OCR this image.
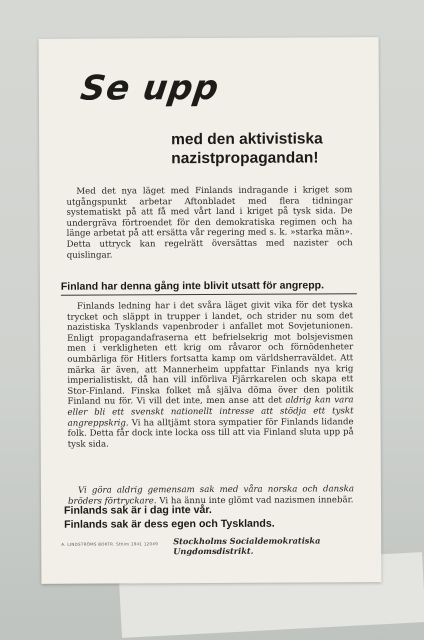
Se upp
med den aktivistiska
nazistpropagandan!

Med det nya läget med Finlands indragande i kriget som utgångspunkt arbetar Aftonbladet med flera tidningar systematiskt på att få med vårt land i kriget på tysk sida. De undergräva förtroendet för den demokratiska regimen och ha länge arbetat på att ersätta vår regering med s. k. »starka män». Detta uttryck kan regelrätt översättas med nazister och quislingar.

Finland har denna gång inte blivit utsatt för angrepp.

Finlands ledning har i det svåra läget givit vika för det tyska trycket och släppt in trupper i landet, och strider nu som det nazistiska Tysklands vapenbroder i anfallet mot Sovjetunionen. Enligt propagandafraserna ett befrielsekrig mot bolsjevismen men i verkligheten ett krig om råvaror och förnödenheter oumbärliga för Hitlers fortsatta kamp om världsherraväldet. Att märka är även, att Mannerheim uppfattar Finlands nya krig imperialistiskt, då han vill införliva Fjärrkarelen och skapa ett Stor-Finland. Finska folket må själva döma över den politik Finland nu för. Vi vill det inte, men anse att det aldrig kan vara eller bli ett svenskt nationellt intresse att stödja ett tyskt angreppskrig. Vi ha alltjämt stora sympatier för Finlands lidande folk. Detta får dock inte locka oss till att via Finland sluta upp på tysk sida.

Vi göra aldrig gemensam sak med våra norska och danska bröders förtryckare. Vi ha ännu inte glömt vad nazismen innebär.

Finlands sak är i dag inte vår.
Finlands sak är dess egen och Tysklands.

A. LINDSTRÖMS BOKTR. Sthlm 1941 12049 Stockholms Socialdemokratiska Ungdomsdistrikt.
